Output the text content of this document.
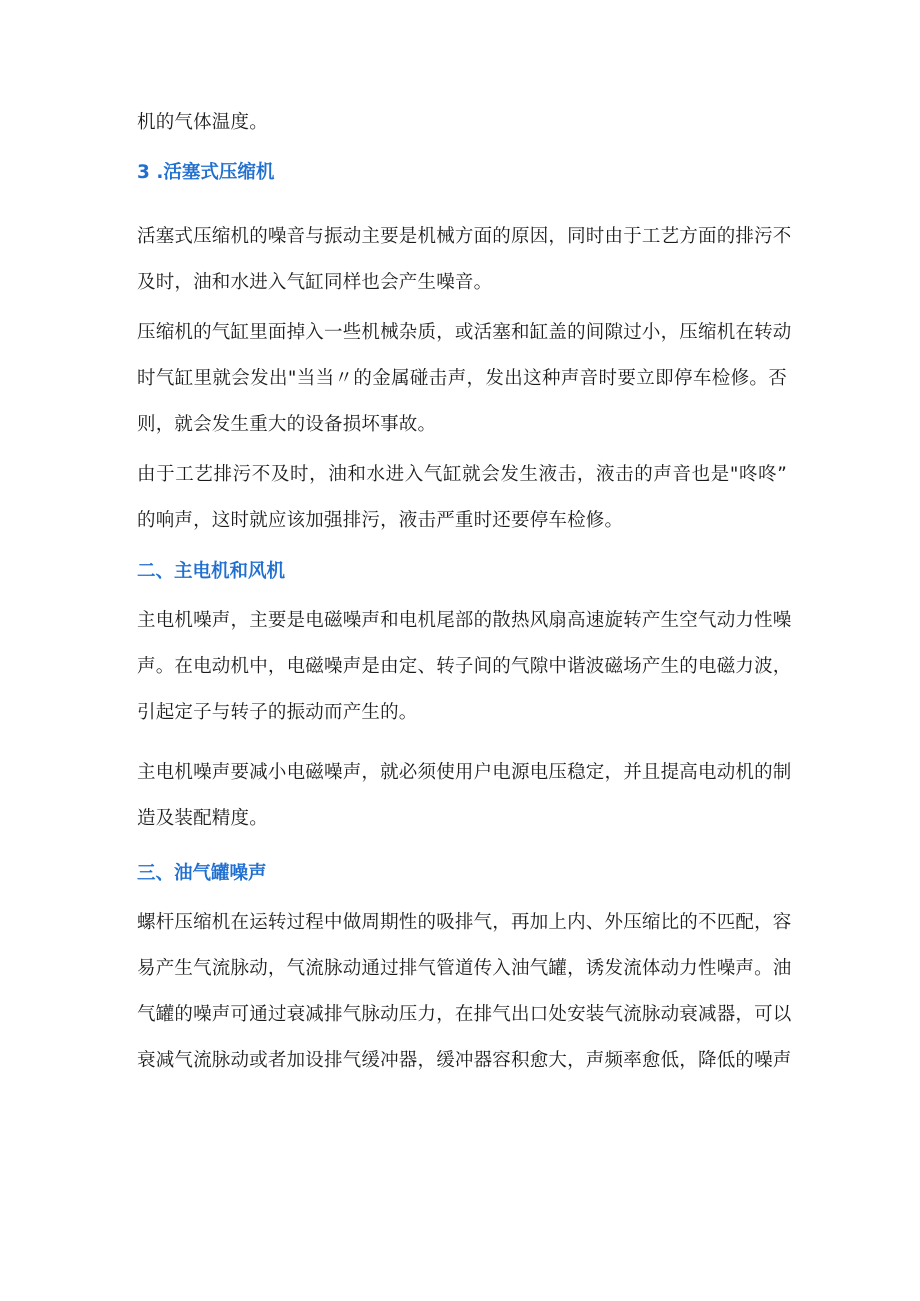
机的气体温度。

3 .活塞式压缩机

活塞式压缩机的噪音与振动主要是机械方面的原因，同时由于工艺方面的排污不
及时，油和水进入气缸同样也会产生噪音。

压缩机的气缸里面掉入一些机械杂质，或活塞和缸盖的间隙过小，压缩机在转动
时气缸里就会发出"当当〃的金属碰击声，发出这种声音时要立即停车检修。否
则，就会发生重大的设备损坏事故。

由于工艺排污不及时，油和水进入气缸就会发生液击，液击的声音也是"咚咚”
的响声，这时就应该加强排污，液击严重时还要停车检修。

二、主电机和风机

主电机噪声，主要是电磁噪声和电机尾部的散热风扇高速旋转产生空气动力性噪
声。在电动机中，电磁噪声是由定、转子间的气隙中谐波磁场产生的电磁力波，
引起定子与转子的振动而产生的。

主电机噪声要减小电磁噪声，就必须使用户电源电压稳定，并且提高电动机的制
造及装配精度。

三、油气罐噪声

螺杆压缩机在运转过程中做周期性的吸排气，再加上内、外压缩比的不匹配，容
易产生气流脉动，气流脉动通过排气管道传入油气罐，诱发流体动力性噪声。油
气罐的噪声可通过衰减排气脉动压力，在排气出口处安装气流脉动衰减器，可以
衰减气流脉动或者加设排气缓冲器，缓冲器容积愈大，声频率愈低，降低的噪声
